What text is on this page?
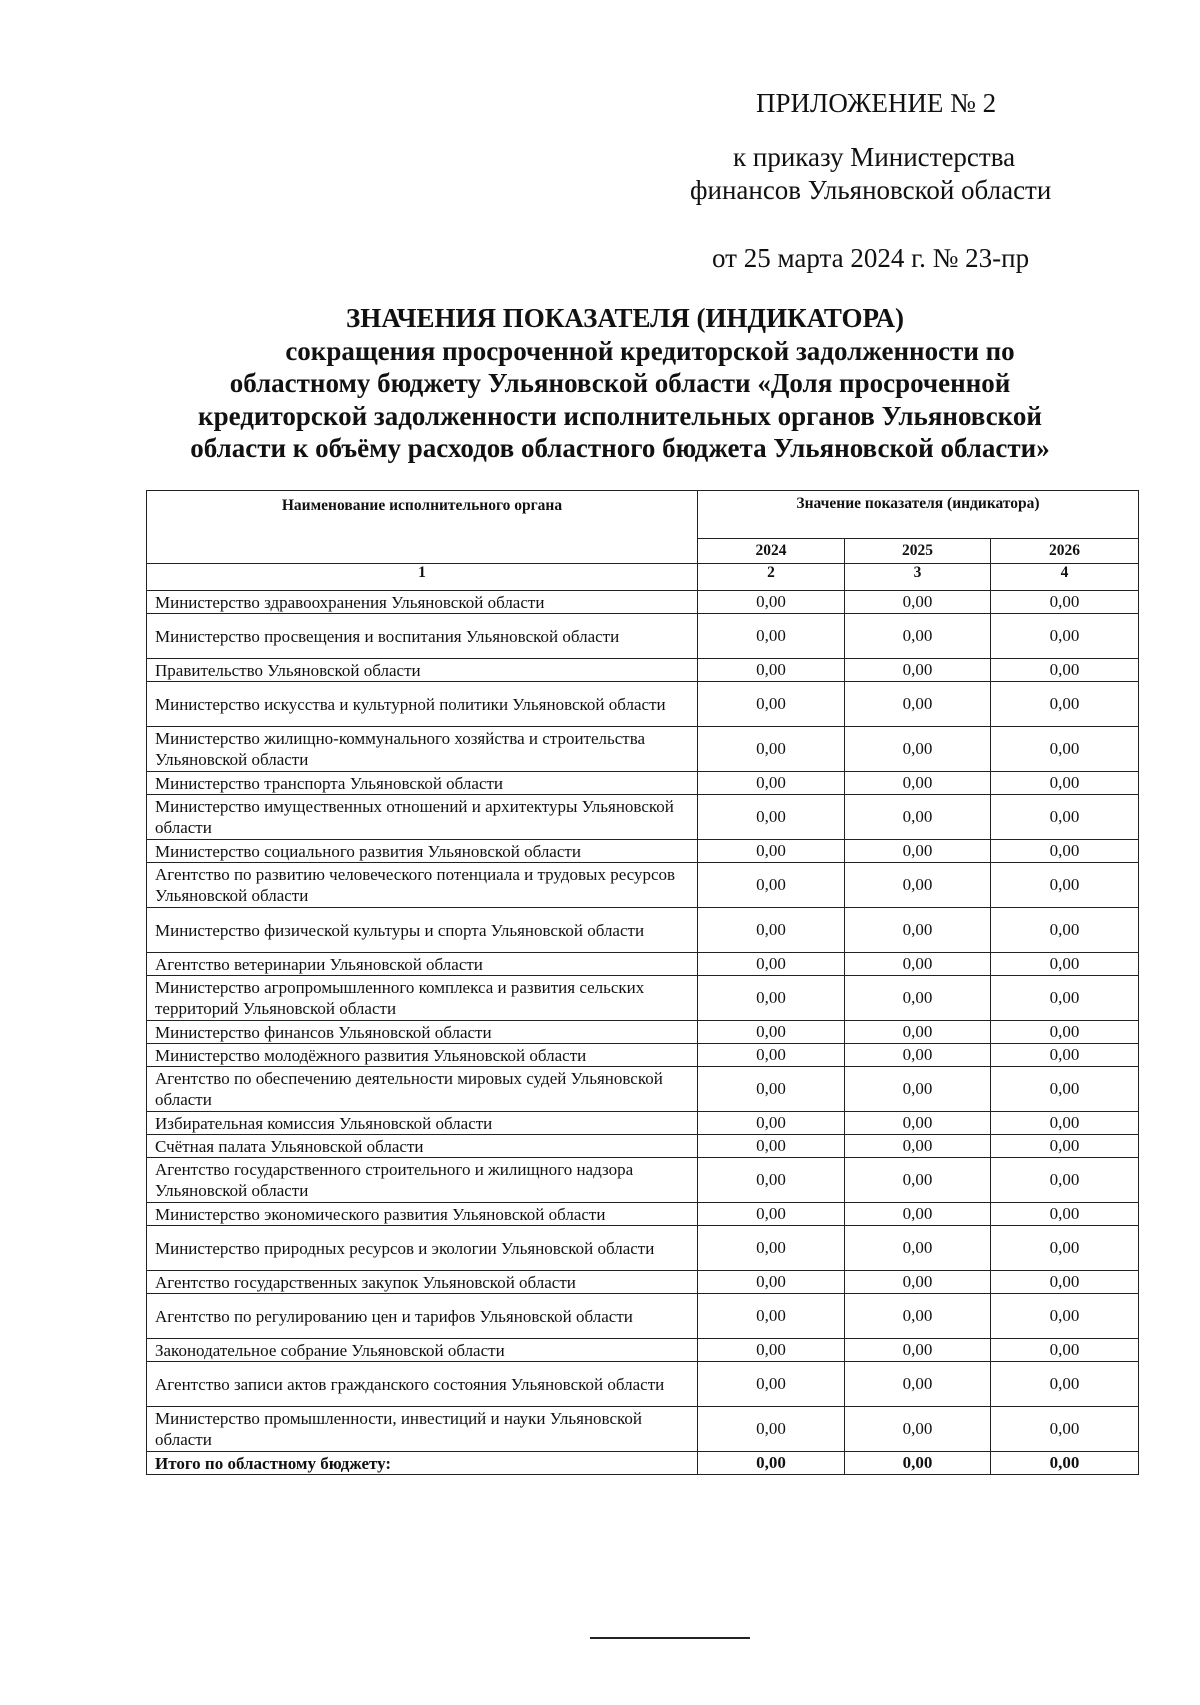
ПРИЛОЖЕНИЕ № 2
к приказу Министерства
финансов Ульяновской области
от 25 марта 2024 г. № 23-пр
ЗНАЧЕНИЯ ПОКАЗАТЕЛЯ (ИНДИКАТОРА)
сокращения просроченной кредиторской задолженности по
областному бюджету Ульяновской области «Доля просроченной
кредиторской задолженности исполнительных органов Ульяновской
области к объёму расходов областного бюджета Ульяновской области»
Наименование исполнительного органа	Значение показателя (индикатора)		
	2024	2025	2026
1	2	3	4
Министерство здравоохранения Ульяновской области	0,00	0,00	0,00
Министерство просвещения и воспитания Ульяновской области	0,00	0,00	0,00
Правительство Ульяновской области	0,00	0,00	0,00
Министерство искусства и культурной политики Ульяновской области	0,00	0,00	0,00
Министерство жилищно-коммунального хозяйства и строительства Ульяновской области	0,00	0,00	0,00
Министерство транспорта Ульяновской области	0,00	0,00	0,00
Министерство имущественных отношений и архитектуры Ульяновской области	0,00	0,00	0,00
Министерство социального развития Ульяновской области	0,00	0,00	0,00
Агентство по развитию человеческого потенциала и трудовых ресурсов Ульяновской области	0,00	0,00	0,00
Министерство физической культуры и спорта Ульяновской области	0,00	0,00	0,00
Агентство ветеринарии Ульяновской области	0,00	0,00	0,00
Министерство агропромышленного комплекса и развития сельских территорий Ульяновской области	0,00	0,00	0,00
Министерство финансов Ульяновской области	0,00	0,00	0,00
Министерство молодёжного развития Ульяновской области	0,00	0,00	0,00
Агентство по обеспечению деятельности мировых судей Ульяновской области	0,00	0,00	0,00
Избирательная комиссия Ульяновской области	0,00	0,00	0,00
Счётная палата Ульяновской области	0,00	0,00	0,00
Агентство государственного строительного и жилищного надзора Ульяновской области	0,00	0,00	0,00
Министерство экономического развития Ульяновской области	0,00	0,00	0,00
Министерство природных ресурсов и экологии Ульяновской области	0,00	0,00	0,00
Агентство государственных закупок Ульяновской области	0,00	0,00	0,00
Агентство по регулированию цен и тарифов Ульяновской области	0,00	0,00	0,00
Законодательное собрание Ульяновской области	0,00	0,00	0,00
Агентство записи актов гражданского состояния Ульяновской области	0,00	0,00	0,00
Министерство промышленности, инвестиций и науки Ульяновской области	0,00	0,00	0,00
Итого по областному бюджету:	0,00	0,00	0,00
